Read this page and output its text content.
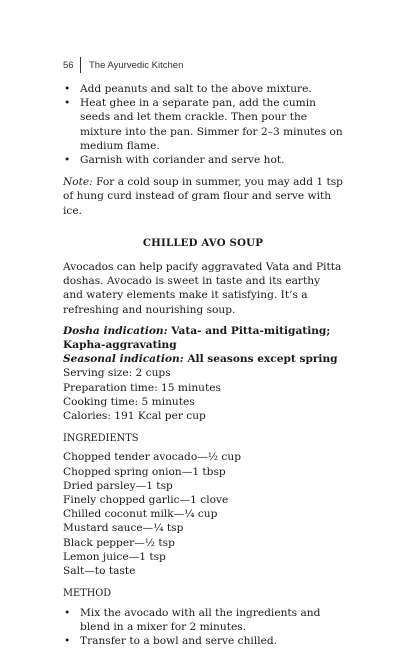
56	The Ayurvedic Kitchen
• Add peanuts and salt to the above mixture.
• Heat ghee in a separate pan, add the cumin seeds and let them crackle. Then pour the mixture into the pan. Simmer for 2–3 minutes on medium flame.
• Garnish with coriander and serve hot.
Note: For a cold soup in summer, you may add 1 tsp of hung curd instead of gram flour and serve with ice.
CHILLED AVO SOUP
Avocados can help pacify aggravated Vata and Pitta doshas. Avocado is sweet in taste and its earthy and watery elements make it satisfying. It’s a refreshing and nourishing soup.

Dosha indication: Vata- and Pitta-mitigating; Kapha-aggravating

Seasonal indication: All seasons except spring

Serving size: 2 cups

Preparation time: 15 minutes

Cooking time: 5 minutes

Calories: 191 Kcal per cup

INGREDIENTS

Chopped tender avocado—½ cup

Chopped spring onion—1 tbsp

Dried parsley—1 tsp

Finely chopped garlic—1 clove

Chilled coconut milk—¼ cup

Mustard sauce—¼ tsp

Black pepper—½ tsp

Lemon juice—1 tsp

Salt—to taste

METHOD
• Mix the avocado with all the ingredients and blend in a mixer for 2 minutes.
• Transfer to a bowl and serve chilled.
